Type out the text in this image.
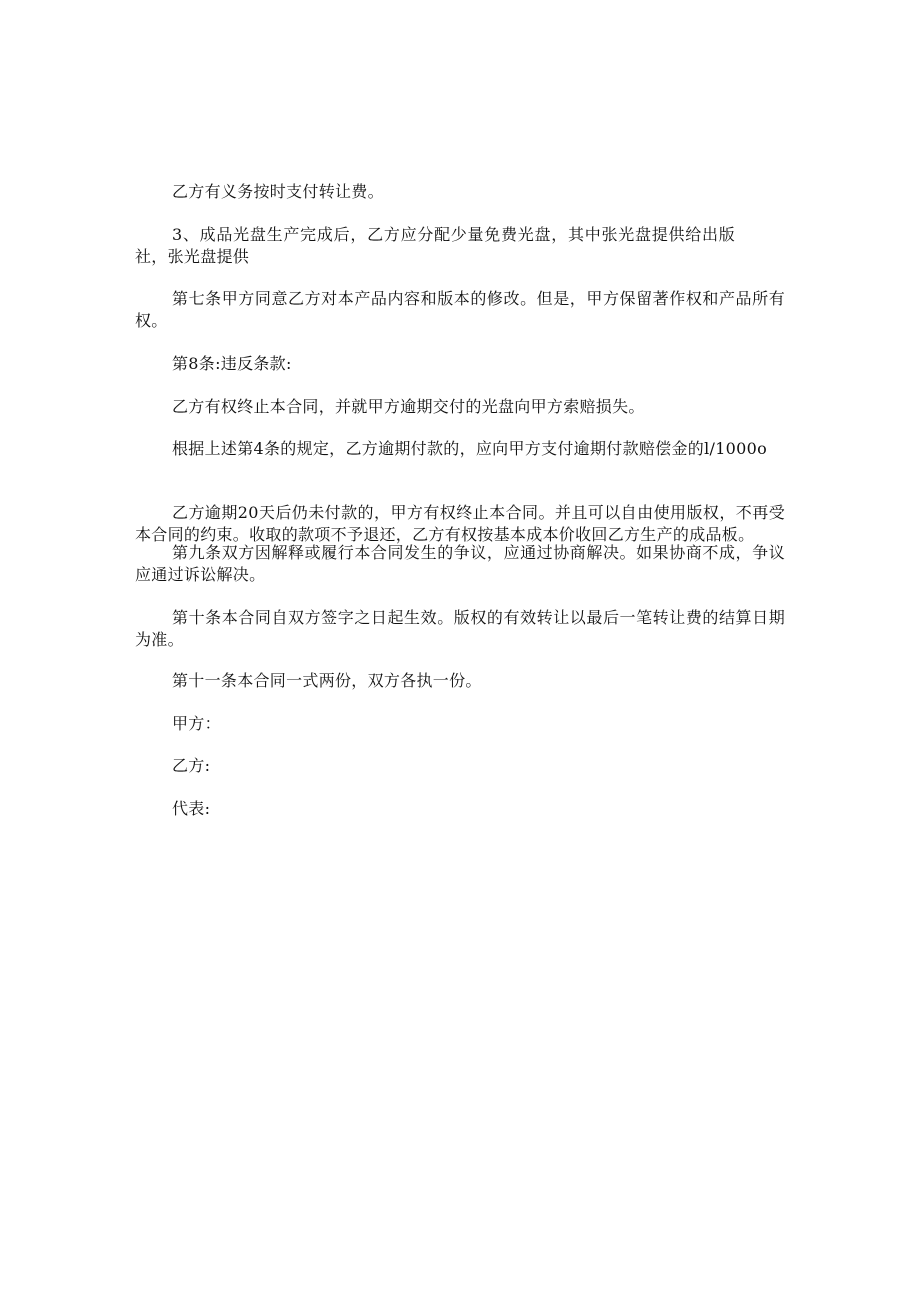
乙方有义务按时支付转让费。

3、成品光盘生产完成后，乙方应分配少量免费光盘，其中张光盘提供给出版社，张光盘提供

第七条甲方同意乙方对本产品内容和版本的修改。但是，甲方保留著作权和产品所有权。

第8条:违反条款:

乙方有权终止本合同，并就甲方逾期交付的光盘向甲方索赔损失。

根据上述第4条的规定，乙方逾期付款的，应向甲方支付逾期付款赔偿金的l/1000o

乙方逾期20天后仍未付款的，甲方有权终止本合同。并且可以自由使用版权，不再受本合同的约束。收取的款项不予退还，乙方有权按基本成本价收回乙方生产的成品板。

第九条双方因解释或履行本合同发生的争议，应通过协商解决。如果协商不成，争议应通过诉讼解决。

第十条本合同自双方签字之日起生效。版权的有效转让以最后一笔转让费的结算日期为准。

第十一条本合同一式两份，双方各执一份。

甲方：

乙方:

代表:
